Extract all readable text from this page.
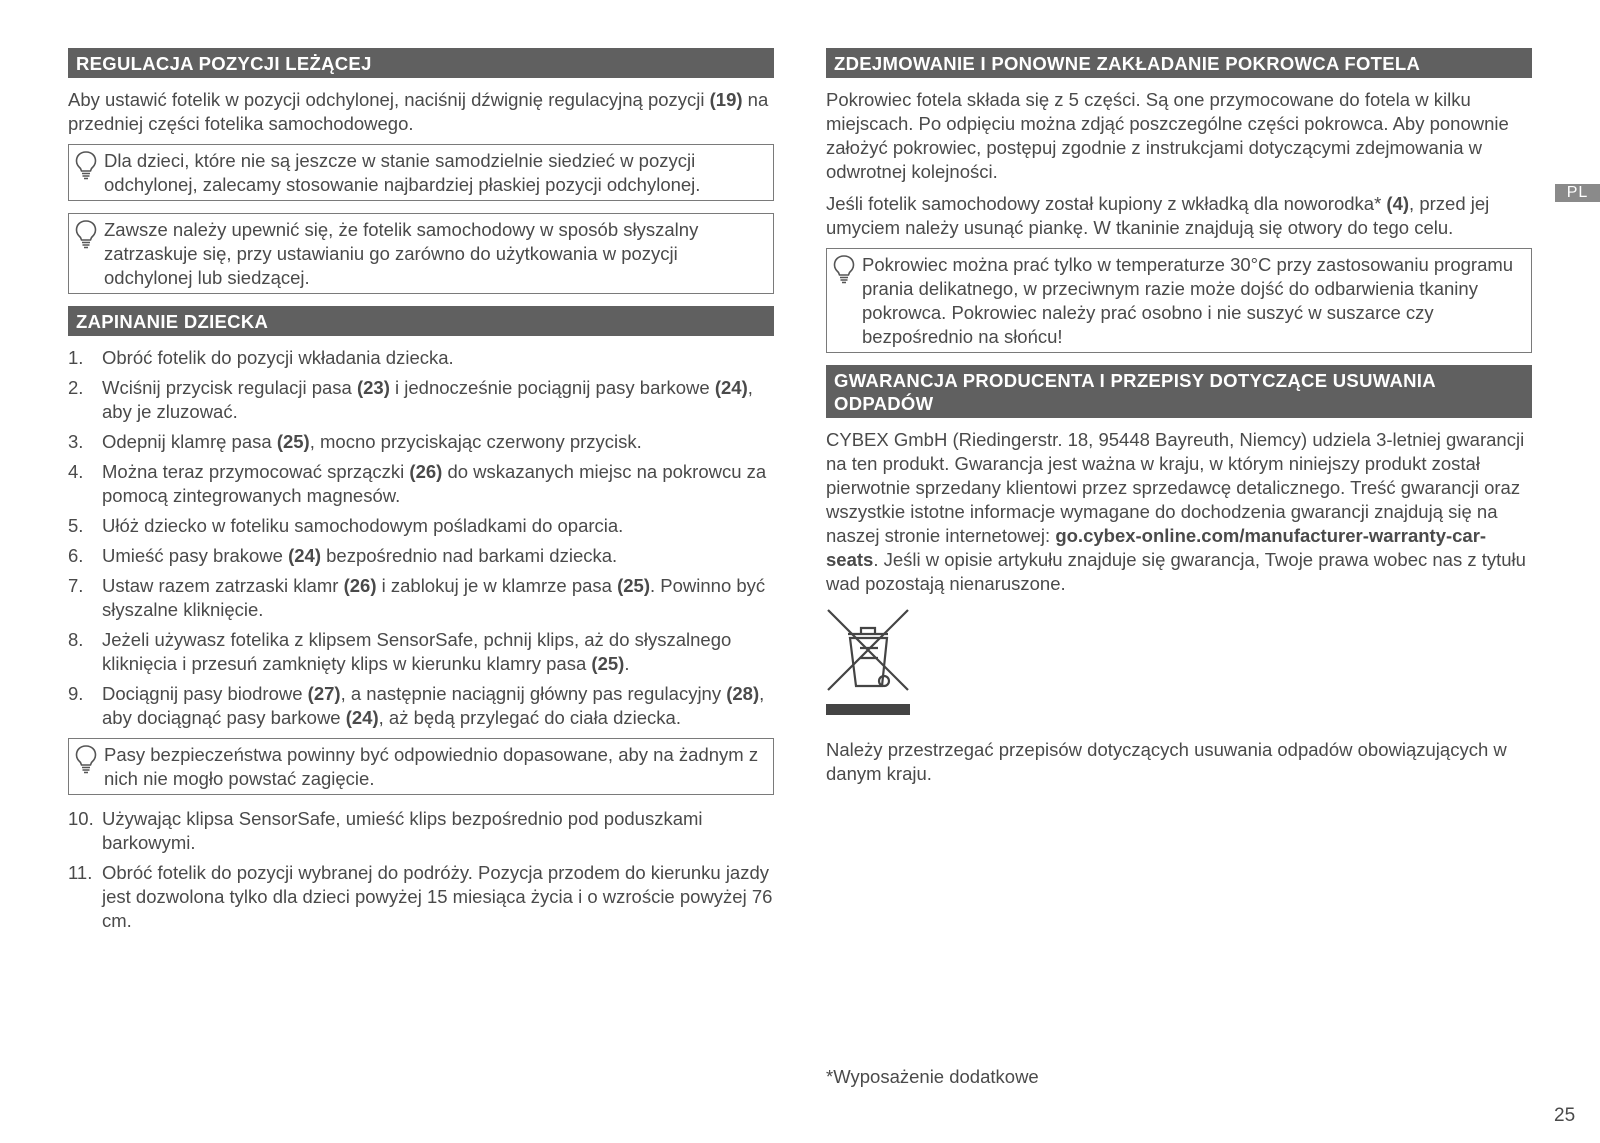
REGULACJA POZYCJI LEŻĄCEJ

Aby ustawić fotelik w pozycji odchylonej, naciśnij dźwignię regulacyjną pozycji (19) na przedniej części fotelika samochodowego.

Dla dzieci, które nie są jeszcze w stanie samodzielnie siedzieć w pozycji odchylonej, zalecamy stosowanie najbardziej płaskiej pozycji odchylonej.
Zawsze należy upewnić się, że fotelik samochodowy w sposób słyszalny zatrzaskuje się, przy ustawianiu go zarówno do użytkowania w pozycji odchylonej lub siedzącej.
ZAPINANIE DZIECKA
1. Obróć fotelik do pozycji wkładania dziecka.
2. Wciśnij przycisk regulacji pasa (23) i jednocześnie pociągnij pasy barkowe (24), aby je zluzować.
3. Odepnij klamrę pasa (25), mocno przyciskając czerwony przycisk.
4. Można teraz przymocować sprzączki (26) do wskazanych miejsc na pokrowcu za pomocą zintegrowanych magnesów.
5. Ułóż dziecko w foteliku samochodowym pośladkami do oparcia.
6. Umieść pasy brakowe (24) bezpośrednio nad barkami dziecka.
7. Ustaw razem zatrzaski klamr (26) i zablokuj je w klamrze pasa (25). Powinno być słyszalne kliknięcie.
8. Jeżeli używasz fotelika z klipsem SensorSafe, pchnij klips, aż do słyszalnego kliknięcia i przesuń zamknięty klips w kierunku klamry pasa (25).
9. Dociągnij pasy biodrowe (27), a następnie naciągnij główny pas regulacyjny (28), aby dociągnąć pasy barkowe (24), aż będą przylegać do ciała dziecka.
Pasy bezpieczeństwa powinny być odpowiednio dopasowane, aby na żadnym z nich nie mogło powstać zagięcie.
10. Używając klipsa SensorSafe, umieść klips bezpośrednio pod poduszkami barkowymi.
11. Obróć fotelik do pozycji wybranej do podróży. Pozycja przodem do kierunku jazdy jest dozwolona tylko dla dzieci powyżej 15 miesiąca życia i o wzroście powyżej 76 cm.
ZDEJMOWANIE I PONOWNE ZAKŁADANIE POKROWCA FOTELA

Pokrowiec fotela składa się z 5 części. Są one przymocowane do fotela w kilku miejscach. Po odpięciu można zdjąć poszczególne części pokrowca. Aby ponownie założyć pokrowiec, postępuj zgodnie z instrukcjami dotyczącymi zdejmowania w odwrotnej kolejności.

Jeśli fotelik samochodowy został kupiony z wkładką dla noworodka* (4), przed jej umyciem należy usunąć piankę. W tkaninie znajdują się otwory do tego celu.

Pokrowiec można prać tylko w temperaturze 30°C przy zastosowaniu programu prania delikatnego, w przeciwnym razie może dojść do odbarwienia tkaniny pokrowca. Pokrowiec należy prać osobno i nie suszyć w suszarce czy bezpośrednio na słońcu!
GWARANCJA PRODUCENTA I PRZEPISY DOTYCZĄCE USUWANIA ODPADÓW

CYBEX GmbH (Riedingerstr. 18, 95448 Bayreuth, Niemcy) udziela 3-letniej gwarancji na ten produkt. Gwarancja jest ważna w kraju, w którym niniejszy produkt został pierwotnie sprzedany klientowi przez sprzedawcę detalicznego. Treść gwarancji oraz wszystkie istotne informacje wymagane do dochodzenia gwarancji znajdują się na naszej stronie internetowej: go.cybex-online.com/manufacturer-warranty-car-seats. Jeśli w opisie artykułu znajduje się gwarancja, Twoje prawa wobec nas z tytułu wad pozostają nienaruszone.

Należy przestrzegać przepisów dotyczących usuwania odpadów obowiązujących w danym kraju.

PL
*Wyposażenie dodatkowe
25
